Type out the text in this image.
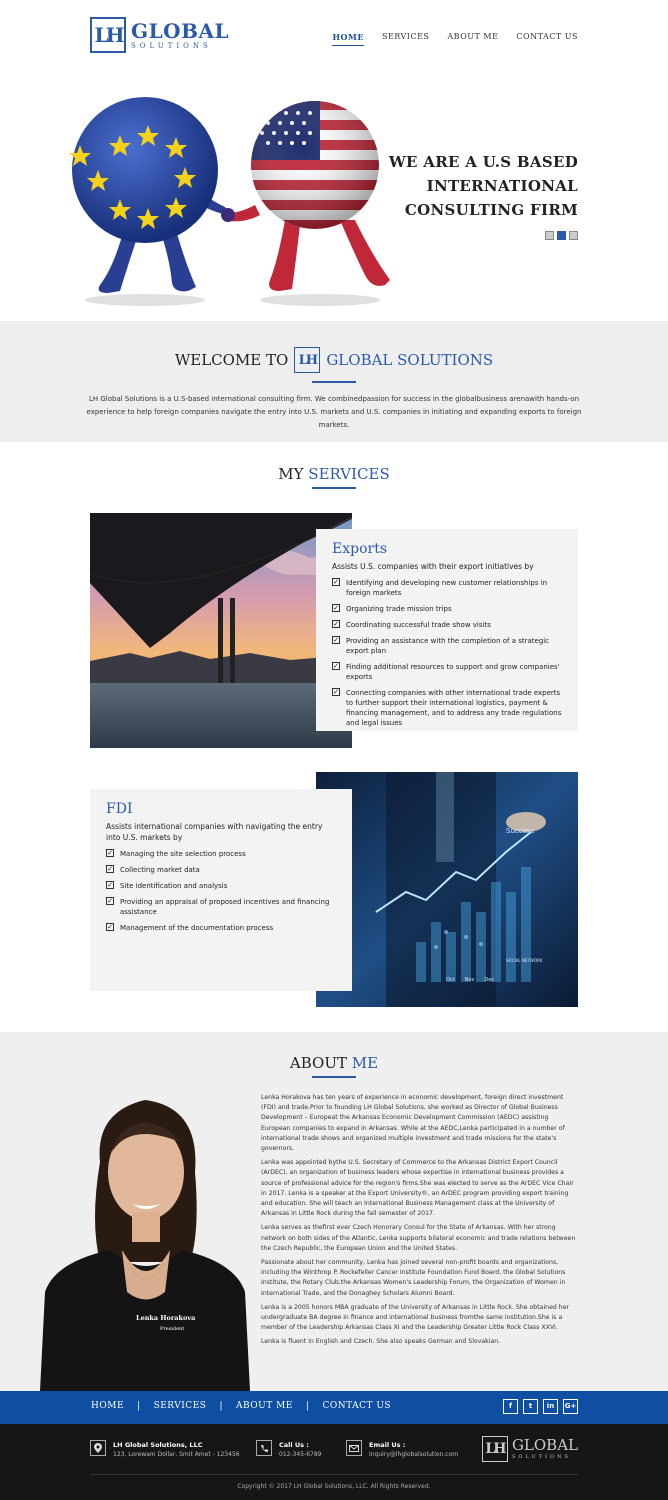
LH GLOBAL
SOLUTIONS
HOME SERVICES ABOUT ME CONTACT US
WE ARE A U.S BASED
INTERNATIONAL
CONSULTING FIRM
WELCOME TO LH GLOBAL SOLUTIONS
LH Global Solutions is a U.S-based international consulting firm. We combinedpassion for success in the globalbusiness arenawith hands-on experience to help foreign companies navigate the entry into U.S. markets and U.S. companies in initiating and expanding exports to foreign markets.
MY SERVICES
Exports
Assists U.S. companies with their export initiatives by
✓ Identifying and developing new customer relationships in foreign markets
✓ Organizing trade mission trips
✓ Coordinating successful trade show visits
✓ Providing an assistance with the completion of a strategic export plan
✓ Finding additional resources to support and grow companies' exports
✓ Connecting companies with other international trade experts to further support their international logistics, payment & financing management, and to address any trade regulations and legal issues
Success
SOCIAL NETWORK
Oct Nov Dec
FDI
Assists international companies with navigating the entry into U.S. markets by
✓ Managing the site selection process
✓ Collecting market data
✓ Site identification and analysis
✓ Providing an appraisal of proposed incentives and financing assistance
✓ Management of the documentation process
ABOUT ME
Lenka Horakova
President

Lenka Horakova has ten years of experience in economic development, foreign direct investment (FDI) and trade.Prior to founding LH Global Solutions, she worked as Director of Global Business Development – Europeat the Arkansas Economic Development Commission (AEDC) assisting European companies to expand in Arkansas. While at the AEDC,Lenka participated in a number of international trade shows and organized multiple investment and trade missions for the state's governors.

Lenka was appointed bythe U.S. Secretary of Commerce to the Arkansas District Export Council (ArDEC), an organization of business leaders whose expertise in international business provides a source of professional advice for the region's firms.She was elected to serve as the ArDEC Vice Chair in 2017. Lenka is a speaker at the Export University®, an ArDEC program providing export training and education. She will teach an International Business Management class at the University of Arkansas in Little Rock during the fall semester of 2017.

Lenka serves as thefirst ever Czech Honorary Consul for the State of Arkansas. With her strong network on both sides of the Atlantic, Lenka supports bilateral economic and trade relations between the Czech Republic, the European Union and the United States.

Passionate about her community, Lenka has joined several non-profit boards and organizations, including the Winthrop P. Rockefeller Cancer Institute Foundation Fund Board, the Global Solutions Institute, the Rotary Club,the Arkansas Women's Leadership Forum, the Organization of Women in International Trade, and the Donaghey Scholars Alumni Board.

Lenka is a 2005 honors MBA graduate of the University of Arkansas in Little Rock. She obtained her undergraduate BA degree in finance and international business fromthe same institution.She is a member of the Leadership Arkansas Class XI and the Leadership Greater Little Rock Class XXVI.

Lenka is fluent in English and Czech. She also speaks German and Slovakian.

HOME | SERVICES | ABOUT ME | CONTACT US	f	t	in	G+
LH Global Solutions, LLC
123, Lorewam Dollar, Smit Amet - 123456
Call Us :
012-345-6789
Email Us :
Inquiry@lhglobalsolution.com LH GLOBAL
SOLUTIONS
Copyright © 2017 LH Global Solutions, LLC. All Rights Reserved.
